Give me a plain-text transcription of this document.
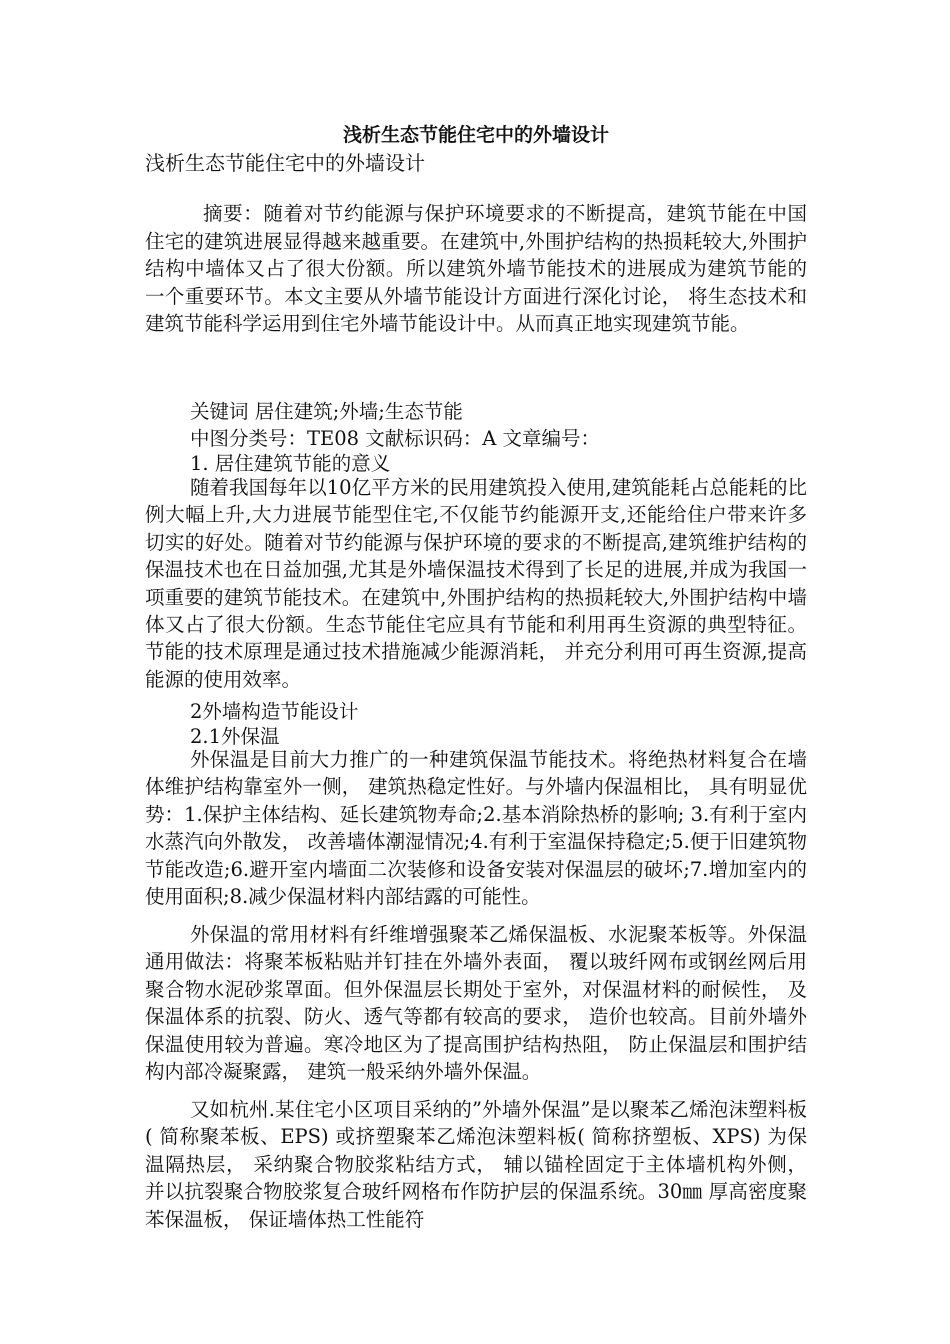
浅析生态节能住宅中的外墙设计

浅析生态节能住宅中的外墙设计

摘要：随着对节约能源与保护环境要求的不断提高，建筑节能在中国住宅的建筑进展显得越来越重要。在建筑中,外围护结构的热损耗较大,外围护结构中墙体又占了很大份额。所以建筑外墙节能技术的进展成为建筑节能的一个重要环节。本文主要从外墙节能设计方面进行深化讨论， 将生态技术和建筑节能科学运用到住宅外墙节能设计中。从而真正地实现建筑节能。

关键词 居住建筑;外墙;生态节能

中图分类号：TE08 文献标识码：A 文章编号：

1. 居住建筑节能的意义

随着我国每年以10亿平方米的民用建筑投入使用,建筑能耗占总能耗的比例大幅上升,大力进展节能型住宅,不仅能节约能源开支,还能给住户带来许多切实的好处。随着对节约能源与保护环境的要求的不断提高,建筑维护结构的保温技术也在日益加强,尤其是外墙保温技术得到了长足的进展,并成为我国一项重要的建筑节能技术。在建筑中,外围护结构的热损耗较大,外围护结构中墙体又占了很大份额。生态节能住宅应具有节能和利用再生资源的典型特征。节能的技术原理是通过技术措施减少能源消耗， 并充分利用可再生资源,提高能源的使用效率。

2外墙构造节能设计

2.1外保温

外保温是目前大力推广的一种建筑保温节能技术。将绝热材料复合在墙体维护结构靠室外一侧， 建筑热稳定性好。与外墙内保温相比， 具有明显优势：1.保护主体结构、延长建筑物寿命;2.基本消除热桥的影响; 3.有利于室内水蒸汽向外散发， 改善墙体潮湿情况;4.有利于室温保持稳定;5.便于旧建筑物节能改造;6.避开室内墙面二次装修和设备安装对保温层的破坏;7.增加室内的使用面积;8.减少保温材料内部结露的可能性。

外保温的常用材料有纤维增强聚苯乙烯保温板、水泥聚苯板等。外保温通用做法：将聚苯板粘贴并钉挂在外墙外表面， 覆以玻纤网布或钢丝网后用聚合物水泥砂浆罩面。但外保温层长期处于室外，对保温材料的耐候性， 及保温体系的抗裂、防火、透气等都有较高的要求， 造价也较高。目前外墙外保温使用较为普遍。寒冷地区为了提高围护结构热阻， 防止保温层和围护结构内部冷凝聚露， 建筑一般采纳外墙外保温。

又如杭州.某住宅小区项目采纳的”外墙外保温”是以聚苯乙烯泡沫塑料板( 简称聚苯板、EPS) 或挤塑聚苯乙烯泡沫塑料板( 简称挤塑板、XPS) 为保温隔热层， 采纳聚合物胶浆粘结方式， 辅以锚栓固定于主体墙机构外侧， 并以抗裂聚合物胶浆复合玻纤网格布作防护层的保温系统。30㎜ 厚高密度聚苯保温板， 保证墙体热工性能符
